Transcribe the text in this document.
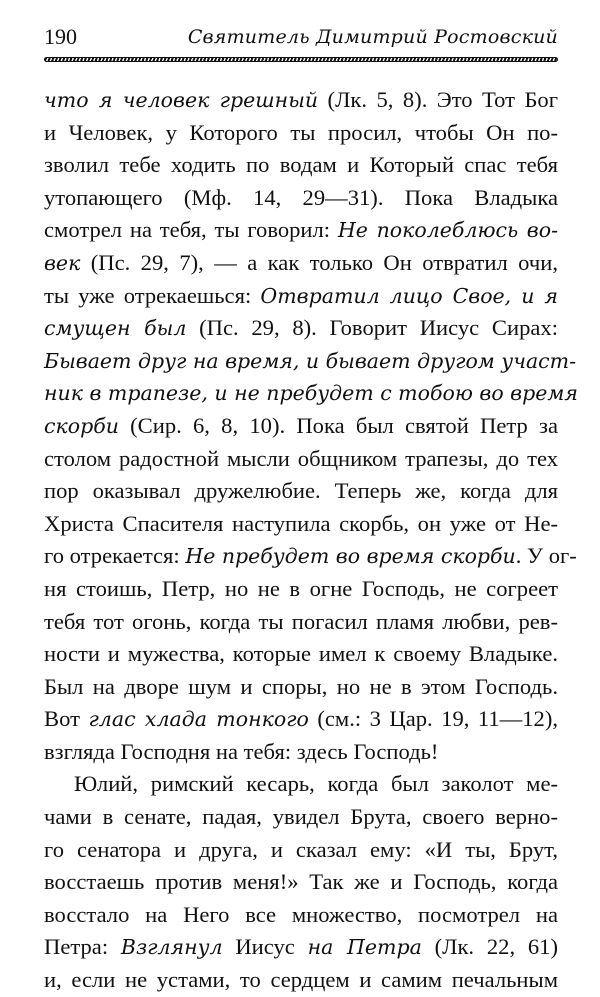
190	Святитель Димитрий Ростовский
что я человек грешный (Лк. 5, 8). Это Тот Бог
и Человек, у Которого ты просил, чтобы Он по-
зволил тебе ходить по водам и Который спас тебя
утопающего (Мф. 14, 29—31). Пока Владыка
смотрел на тебя, ты говорил: Не поколеблюсь во-
век (Пс. 29, 7), — а как только Он отвратил очи,
ты уже отрекаешься: Отвратил лицо Свое, и я
смущен был (Пс. 29, 8). Говорит Иисус Сирах:
Бывает друг на время, и бывает другом участ-
ник в трапезе, и не пребудет с тобою во время
скорби (Сир. 6, 8, 10). Пока был святой Петр за
столом радостной мысли общником трапезы, до тех
пор оказывал дружелюбие. Теперь же, когда для
Христа Спасителя наступила скорбь, он уже от Не-
го отрекается: Не пребудет во время скорби. У ог-
ня стоишь, Петр, но не в огне Господь, не согреет
тебя тот огонь, когда ты погасил пламя любви, рев-
ности и мужества, которые имел к своему Владыке.
Был на дворе шум и споры, но не в этом Господь.
Вот глас хлада тонкого (см.: 3 Цар. 19, 11—12),
взгляда Господня на тебя: здесь Господь!
Юлий, римский кесарь, когда был заколот ме-
чами в сенате, падая, увидел Брута, своего верно-
го сенатора и друга, и сказал ему: «И ты, Брут,
восстаешь против меня!» Так же и Господь, когда
восстало на Него все множество, посмотрел на
Петра: Взглянул Иисус на Петра (Лк. 22, 61)
и, если не устами, то сердцем и самим печальным
